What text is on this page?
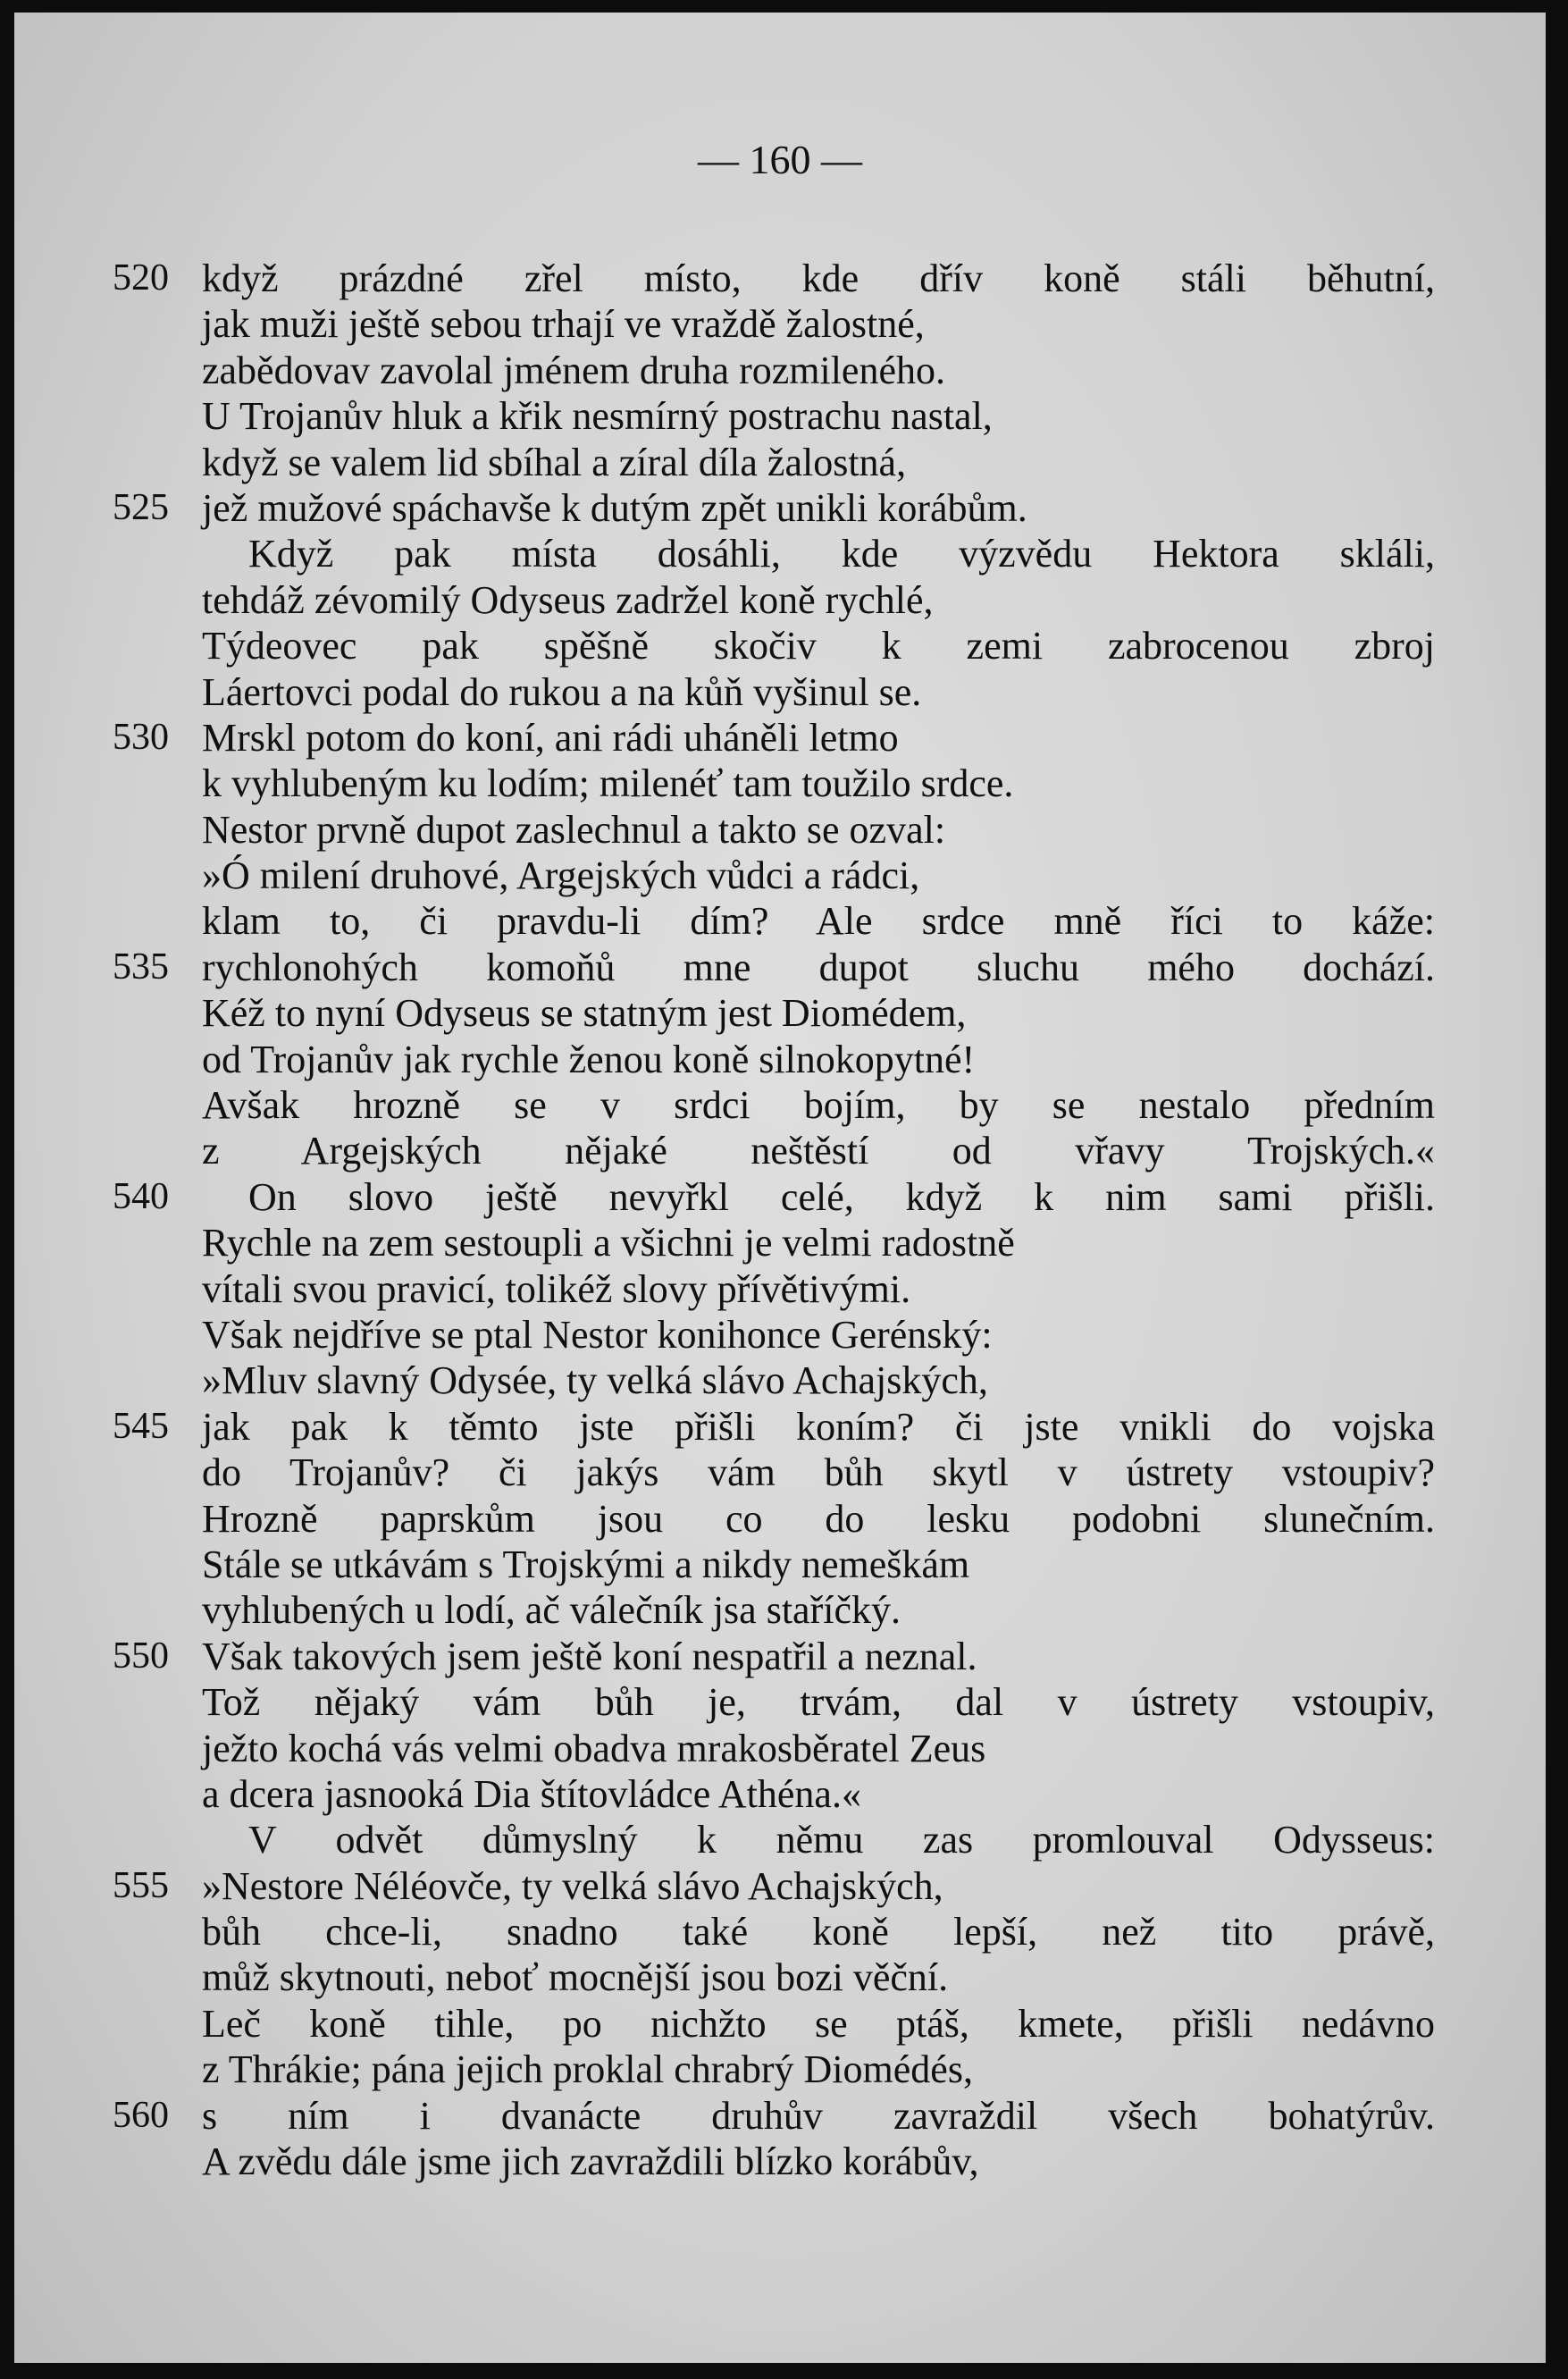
— 160 —
520 když prázdné zřel místo, kde dřív koně stáli běhutní,
jak muži ještě sebou trhají ve vraždě žalostné,
zabědovav zavolal jménem druha rozmileného.
U Trojanův hluk a křik nesmírný postrachu nastal,
když se valem lid sbíhal a zíral díla žalostná,
525 jež mužové spáchavše k dutým zpět unikli korábům.
Když pak místa dosáhli, kde výzvědu Hektora skláli,
tehdáž zévomilý Odyseus zadržel koně rychlé,
Týdeovec pak spěšně skočiv k zemi zabrocenou zbroj
Láertovci podal do rukou a na kůň vyšinul se.
530 Mrskl potom do koní, ani rádi uháněli letmo
k vyhlubeným ku lodím; milenéť tam toužilo srdce.
Nestor prvně dupot zaslechnul a takto se ozval:
»Ó milení druhové, Argejských vůdci a rádci,
klam to, či pravdu-li dím? Ale srdce mně říci to káže:
535 rychlonohých komoňů mne dupot sluchu mého dochází.
Kéž to nyní Odyseus se statným jest Diomédem,
od Trojanův jak rychle ženou koně silnokopytné!
Avšak hrozně se v srdci bojím, by se nestalo předním
z Argejských nějaké neštěstí od vřavy Trojských.«
540	On slovo ještě nevyřkl celé, když k nim sami přišli.
Rychle na zem sestoupli a všichni je velmi radostně
vítali svou pravicí, tolikéž slovy přívětivými.
Však nejdříve se ptal Nestor konihonce Gerénský:
»Mluv slavný Odysée, ty velká slávo Achajských,
545 jak pak k těmto jste přišli koním? či jste vnikli do vojska
do Trojanův? či jakýs vám bůh skytl v ústrety vstoupiv?
Hrozně paprskům jsou co do lesku podobni slunečním.
Stále se utkávám s Trojskými a nikdy nemeškám
vyhlubených u lodí, ač válečník jsa staříčký.
550 Však takových jsem ještě koní nespatřil a neznal.
Tož nějaký vám bůh je, trvám, dal v ústrety vstoupiv,
ježto kochá vás velmi obadva mrakosběratel Zeus
a dcera jasnooká Dia štítovládce Athéna.«
V odvět důmyslný k němu zas promlouval Odysseus:
555 »Nestore Néléovče, ty velká slávo Achajských,
bůh chce-li, snadno také koně lepší, než tito právě,
můž skytnouti, neboť mocnější jsou bozi věční.
Leč koně tihle, po nichžto se ptáš, kmete, přišli nedávno
z Thrákie; pána jejich proklal chrabrý Diomédés,
560 s ním i dvanácte druhův zavraždil všech bohatýrův.
A zvědu dále jsme jich zavraždili blízko korábův,
